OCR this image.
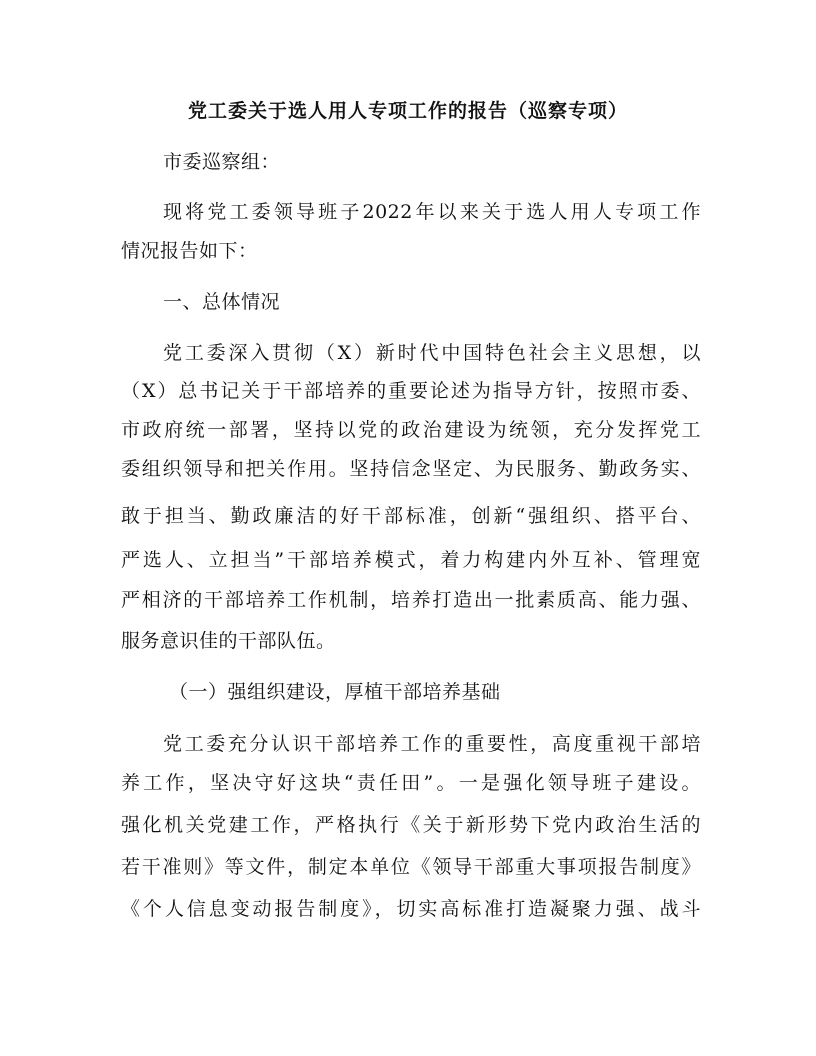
党工委关于选人用人专项工作的报告（巡察专项）
市委巡察组：
现将党工委领导班子2022年以来关于选人用人专项工作
情况报告如下：
一、总体情况
党工委深入贯彻（X）新时代中国特色社会主义思想，以
（X）总书记关于干部培养的重要论述为指导方针，按照市委、
市政府统一部署，坚持以党的政治建设为统领，充分发挥党工
委组织领导和把关作用。坚持信念坚定、为民服务、勤政务实、
敢于担当、勤政廉洁的好干部标准，创新“强组织、搭平台、
严选人、立担当”干部培养模式，着力构建内外互补、管理宽
严相济的干部培养工作机制，培养打造出一批素质高、能力强、
服务意识佳的干部队伍。
（一）强组织建设，厚植干部培养基础
党工委充分认识干部培养工作的重要性，高度重视干部培
养工作，坚决守好这块“责任田”。一是强化领导班子建设。
强化机关党建工作，严格执行《关于新形势下党内政治生活的
若干准则》等文件，制定本单位《领导干部重大事项报告制度》
《个人信息变动报告制度》，切实高标准打造凝聚力强、战斗
